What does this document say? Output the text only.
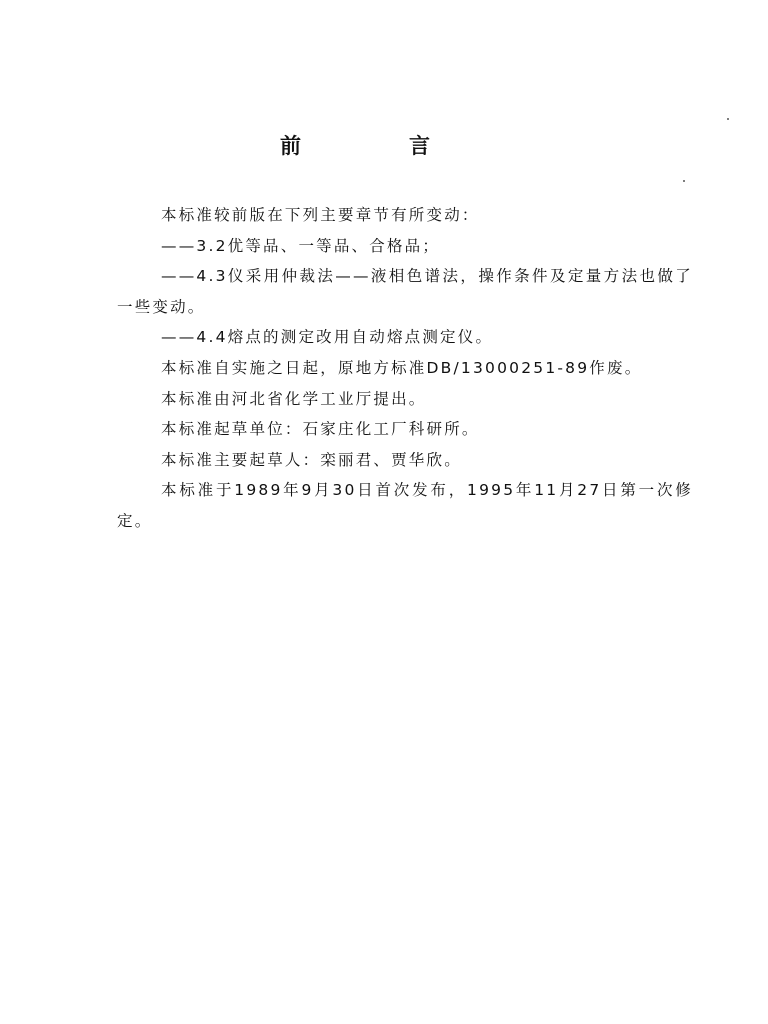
前	言

本标准较前版在下列主要章节有所变动：

——3.2优等品、一等品、合格品；

——4.3仪采用仲裁法——液相色谱法，操作条件及定量方法也做了一些变动。

——4.4熔点的测定改用自动熔点测定仪。

本标准自实施之日起，原地方标准DB/13000251-89作废。

本标准由河北省化学工业厅提出。

本标准起草单位：石家庄化工厂科研所。

本标准主要起草人：栾丽君、贾华欣。

本标准于1989年9月30日首次发布，1995年11月27日第一次修定。
